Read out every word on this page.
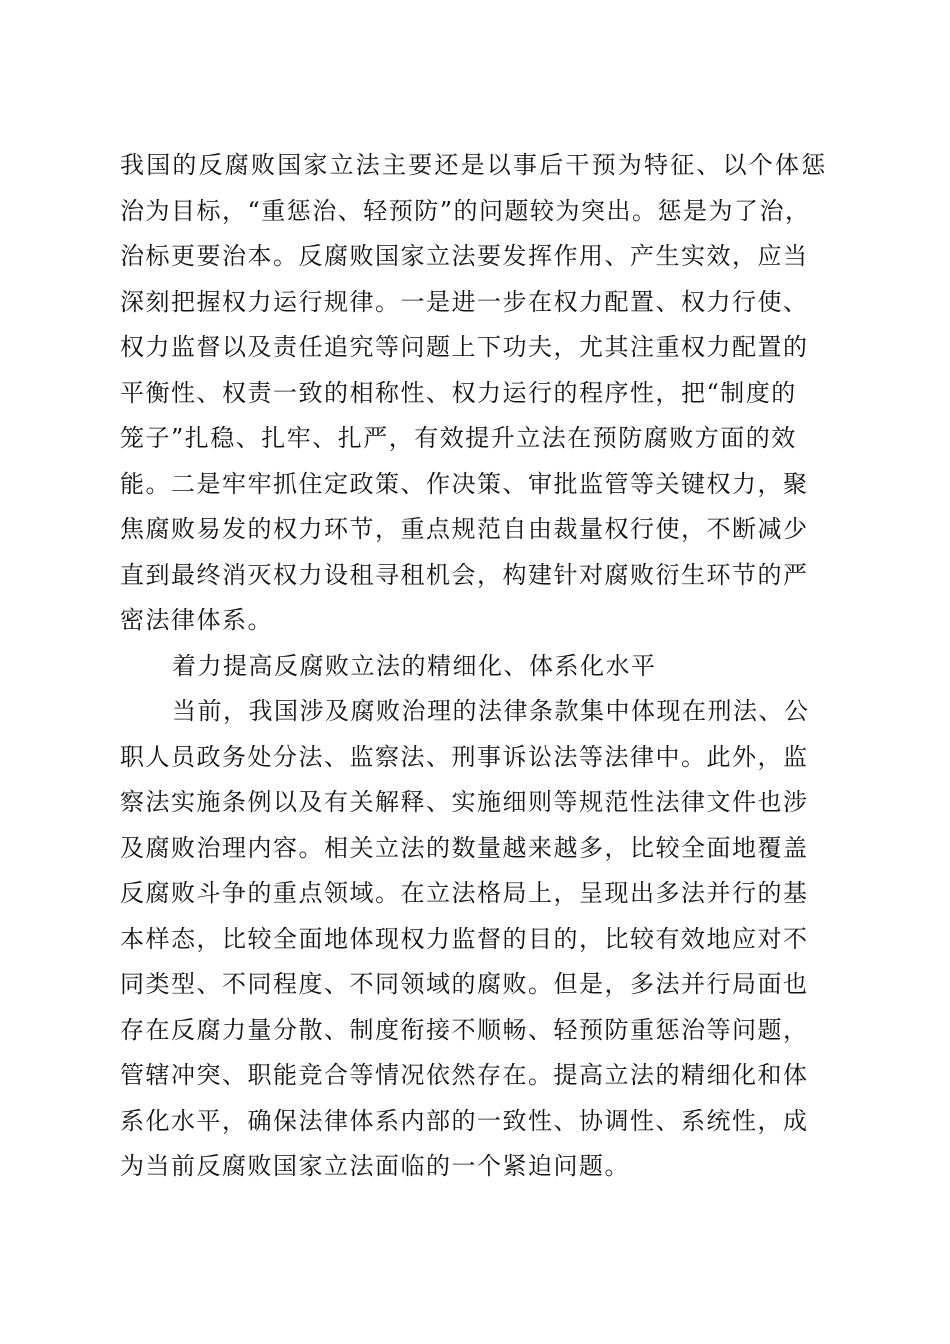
我国的反腐败国家立法主要还是以事后干预为特征、以个体惩
治为目标，“重惩治、轻预防”的问题较为突出。惩是为了治，
治标更要治本。反腐败国家立法要发挥作用、产生实效，应当
深刻把握权力运行规律。一是进一步在权力配置、权力行使、
权力监督以及责任追究等问题上下功夫，尤其注重权力配置的
平衡性、权责一致的相称性、权力运行的程序性，把“制度的
笼子”扎稳、扎牢、扎严，有效提升立法在预防腐败方面的效
能。二是牢牢抓住定政策、作决策、审批监管等关键权力，聚
焦腐败易发的权力环节，重点规范自由裁量权行使，不断减少
直到最终消灭权力设租寻租机会，构建针对腐败衍生环节的严
密法律体系。
着力提高反腐败立法的精细化、体系化水平
当前，我国涉及腐败治理的法律条款集中体现在刑法、公
职人员政务处分法、监察法、刑事诉讼法等法律中。此外，监
察法实施条例以及有关解释、实施细则等规范性法律文件也涉
及腐败治理内容。相关立法的数量越来越多，比较全面地覆盖
反腐败斗争的重点领域。在立法格局上，呈现出多法并行的基
本样态，比较全面地体现权力监督的目的，比较有效地应对不
同类型、不同程度、不同领域的腐败。但是，多法并行局面也
存在反腐力量分散、制度衔接不顺畅、轻预防重惩治等问题，
管辖冲突、职能竞合等情况依然存在。提高立法的精细化和体
系化水平，确保法律体系内部的一致性、协调性、系统性，成
为当前反腐败国家立法面临的一个紧迫问题。
